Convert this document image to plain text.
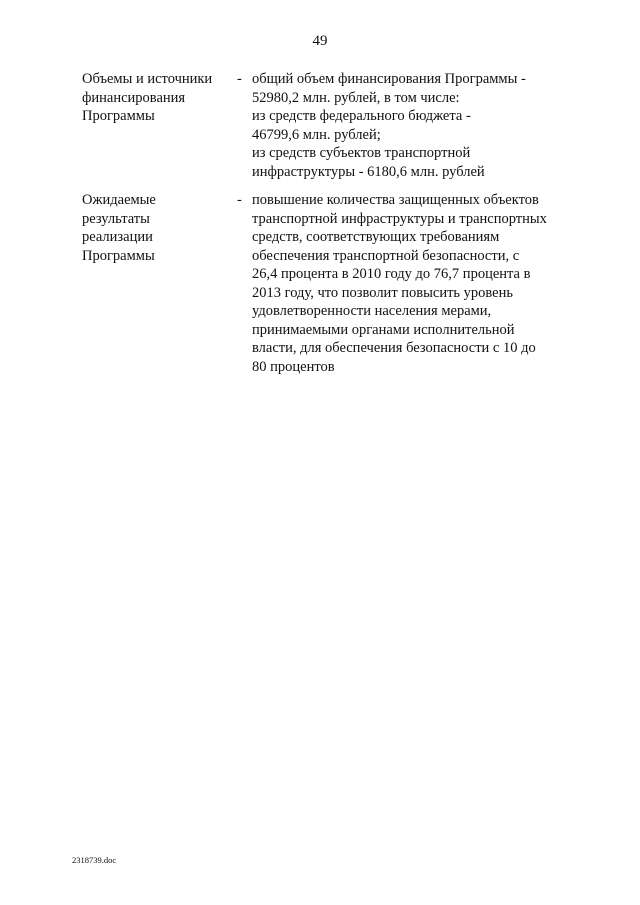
49
Объемы и источники
финансирования
Программы
- общий объем финансирования Программы -
52980,2 млн. рублей, в том числе:
из средств федерального бюджета -
46799,6 млн. рублей;
из средств субъектов транспортной
инфраструктуры - 6180,6 млн. рублей
Ожидаемые
результаты
реализации
Программы
- повышение количества защищенных объектов
транспортной инфраструктуры и транспортных
средств, соответствующих требованиям
обеспечения транспортной безопасности, с
26,4 процента в 2010 году до 76,7 процента в
2013 году, что позволит повысить уровень
удовлетворенности населения мерами,
принимаемыми органами исполнительной
власти, для обеспечения безопасности с 10 до
80 процентов
2318739.doc
